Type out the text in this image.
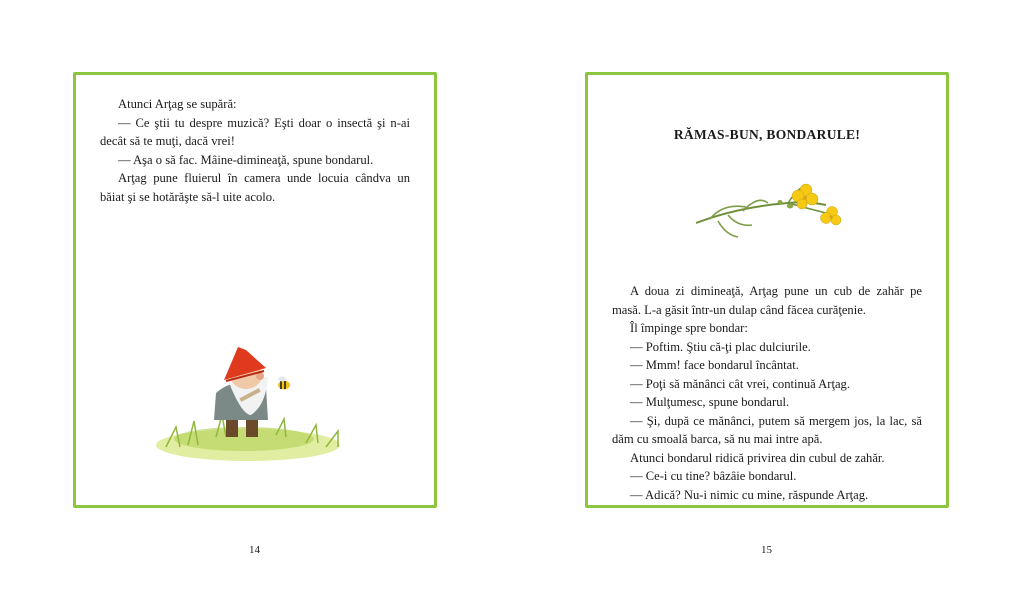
Atunci Arţag se supără:

— Ce ştii tu despre muzică? Eşti doar o insectă şi n-ai decât să te muţi, dacă vrei!

— Aşa o să fac. Mâine-dimineaţă, spune bondarul.

Arţag pune fluierul în camera unde locuia cândva un băiat şi se hotărăşte să-l uite acolo.

RĂMAS-BUN, BONDARULE!

A doua zi dimineaţă, Arţag pune un cub de zahăr pe masă. L-a găsit într-un dulap când făcea curăţenie.

Îl împinge spre bondar:

— Poftim. Ştiu că-ţi plac dulciurile.

— Mmm! face bondarul încântat.

— Poţi să mănânci cât vrei, continuă Arţag.

— Mulţumesc, spune bondarul.

— Şi, după ce mănânci, putem să mergem jos, la lac, să dăm cu smoală barca, să nu mai intre apă.

Atunci bondarul ridică privirea din cubul de zahăr.

— Ce-i cu tine? bâzâie bondarul.

— Adică? Nu-i nimic cu mine, răspunde Arţag.

14	15
